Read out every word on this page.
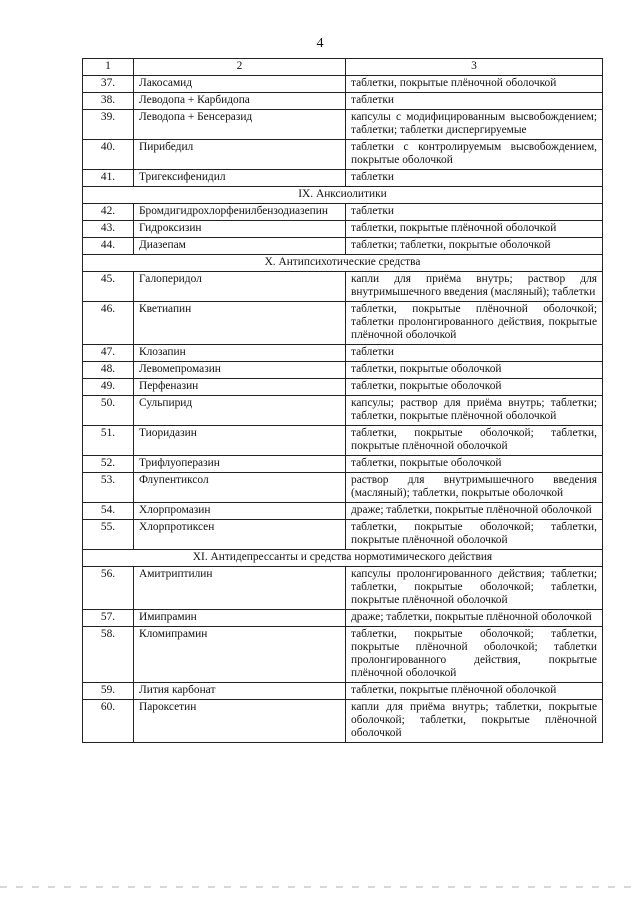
4
1	2	3
37.	Лакосамид	таблетки, покрытые плёночной оболочкой
38.	Леводопа + Карбидопа	таблетки
39.	Леводопа + Бенсеразид	капсулы с модифицированным высвобождением; таблетки; таблетки диспергируемые
40.	Пирибедил	таблетки с контролируемым высвобождением, покрытые оболочкой
41.	Тригексифенидил	таблетки
IX. Анксиолитики		
42.	Бромдигидрохлорфенилбензодиазепин	таблетки
43.	Гидроксизин	таблетки, покрытые плёночной оболочкой
44.	Диазепам	таблетки; таблетки, покрытые оболочкой
X. Антипсихотические средства		
45.	Галоперидол	капли для приёма внутрь; раствор для внутримышечного введения (масляный); таблетки
46.	Кветиапин	таблетки, покрытые плёночной оболочкой; таблетки пролонгированного действия, покрытые плёночной оболочкой
47.	Клозапин	таблетки
48.	Левомепромазин	таблетки, покрытые оболочкой
49.	Перфеназин	таблетки, покрытые оболочкой
50.	Сульпирид	капсулы; раствор для приёма внутрь; таблетки; таблетки, покрытые плёночной оболочкой
51.	Тиоридазин	таблетки, покрытые оболочкой; таблетки, покрытые плёночной оболочкой
52.	Трифлуоперазин	таблетки, покрытые оболочкой
53.	Флупентиксол	раствор для внутримышечного введения (масляный); таблетки, покрытые оболочкой
54.	Хлорпромазин	драже; таблетки, покрытые плёночной оболочкой
55.	Хлорпротиксен	таблетки, покрытые оболочкой; таблетки, покрытые плёночной оболочкой
XI. Антидепрессанты и средства нормотимического действия		
56.	Амитриптилин	капсулы пролонгированного действия; таблетки; таблетки, покрытые оболочкой; таблетки, покрытые плёночной оболочкой
57.	Имипрамин	драже; таблетки, покрытые плёночной оболочкой
58.	Кломипрамин	таблетки, покрытые оболочкой; таблетки, покрытые плёночной оболочкой; таблетки пролонгированного действия, покрытые плёночной оболочкой
59.	Лития карбонат	таблетки, покрытые плёночной оболочкой
60.	Пароксетин	капли для приёма внутрь; таблетки, покрытые оболочкой; таблетки, покрытые плёночной оболочкой
